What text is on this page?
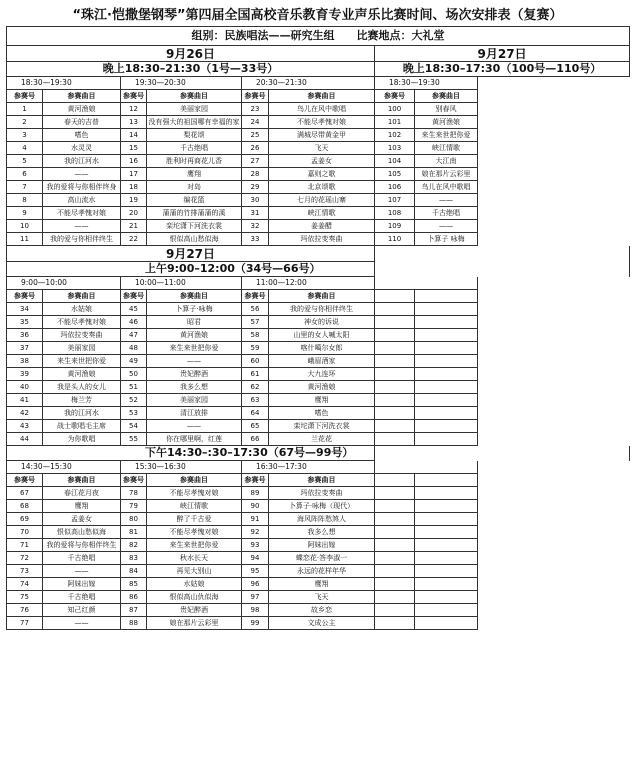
“珠江·恺撒堡钢琴”第四届全国高校音乐教育专业声乐比赛时间、场次安排表（复赛）
组别：民族唱法——研究生组　　比赛地点：大礼堂							
9月26日						9月27日	
晚上18:30–21:30（1号—33号）						晚上18:30–17:30（100号—110号）	
18:30—19:30		19:30—20:30		20:30—21:30		18:30—19:30	
参赛号	参赛曲目	参赛号	参赛曲目	参赛号	参赛曲目	参赛号	参赛曲目
1	黄河渔娘	12	美丽家园	23	鸟儿在风中歌唱	100	别春风
2	春天的吉普	13	没有强大的祖国哪有幸福的家	24	不能尽孝愧对娘	101	黄河渔娘
3	嗜色	14	梨花颂	25	满城尽带黄金甲	102	来生来世把你爱
4	水灵灵	15	千古绝唱	26	飞天	103	峡江情歌
5	我的江河水	16	胜利时再商花儿香	27	孟姜女	104	大江南
6	——	17	鹰翔	28	嘉则之歌	105	娘在那片云彩里
7	我的爱将与你相伴终身	18	对岛	29	北京颂歌	106	鸟儿在风中歌唱
8	高山流水	19	编花篮	30	七月的花瑶山寨	107	——
9	不能尽孝愧对娘	20	蒲蒲的竹排蒲蒲的溪	31	峡江情歌	108	千古绝唱
10	——	21	栾坨潇下河洗衣裳	32	姜姜醋	109	——
11	我的爱与你相伴终生	22	恨似高山愁似海	33	玛依拉变奏曲	110	卜算子 咏梅
9月27日							
上午9:00–12:00（34号—66号）							
9:00—10:00		10:00—11:00		11:00—12:00			
参赛号	参赛曲目	参赛号	参赛曲目	参赛号	参赛曲目		
34	水姑娘	45	卜算子·咏梅	56	我的爱与你相伴终生		
35	不能尽孝愧对娘	46	昭君	57	神女的诉说		
36	玛依拉变奏曲	47	黄河渔娘	58	山里的女人喊太阳		
37	美丽家园	48	来生来世把你爱	59	喀什噶尔女郎		
38	来生来世把你爱	49	——	60	峨眉酒家		
39	黄河渔娘	50	贵妃醉酒	61	大九连环		
40	我是头人的女儿	51	我多么想	62	黄河渔娘		
41	梅兰芳	52	美丽家园	63	鹰翔		
42	我的江河水	53	清江放排	64	嗜色		
43	战士歌唱毛主席	54	——	65	栾坨潇下河洗衣裳		
44	为你歌唱	55	你在哪里啊，红莲	66	兰花花		
下午14:30–:30–17:30（67号—99号）							
14:30—15:30		15:30—16:30		16:30—17:30			
参赛号	参赛曲目	参赛号	参赛曲目	参赛号	参赛曲目		
67	春江花月夜	78	不能尽孝愧对娘	89	玛依拉变奏曲		
68	鹰翔	79	峡江情歌	90	卜算子·咏梅（现代）		
69	孟姜女	80	醉了千古爱	91	海风阵阵愁煞人		
70	恨似高山愁似海	81	不能尽孝愧对娘	92	我多么想		
71	我的爱将与你相伴终生	82	来生来世把你爱	93	阿妹出嫁		
72	千古绝唱	83	秋水长天	94	蝶恋花·答李淑一		
73	——	84	再见大别山	95	永远的花样年华		
74	阿妹出嫁	85	水姑娘	96	鹰翔		
75	千古绝唱	86	恨似高山仇似海	97	飞天		
76	知己红颜	87	贵妃醉酒	98	故乡恋		
77	——	88	娘在那片云彩里	99	文成公主		
